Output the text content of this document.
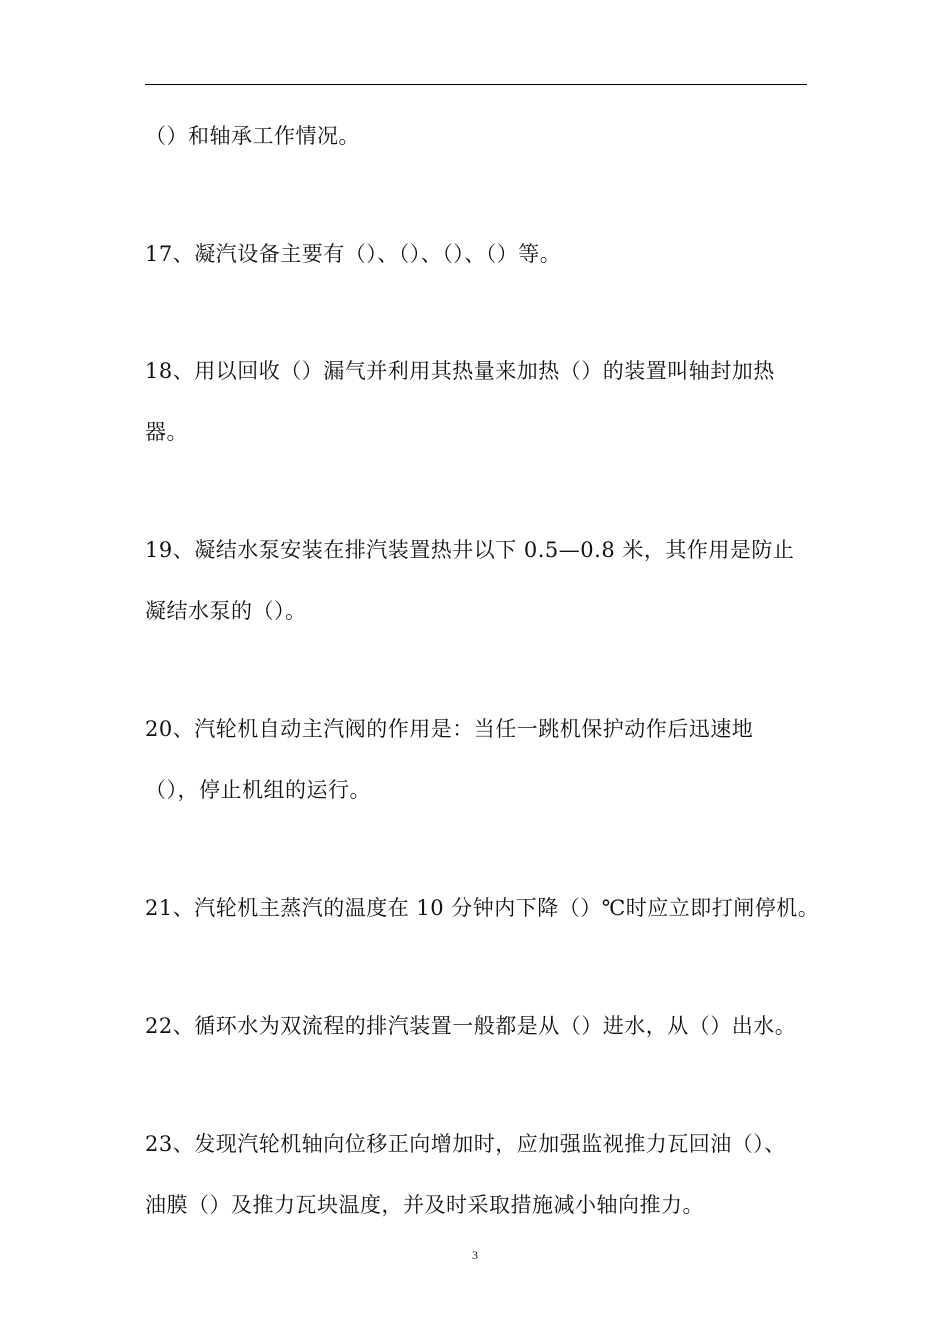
（）和轴承工作情况。
17、凝汽设备主要有（）、（）、（）、（）等。
18、用以回收（）漏气并利用其热量来加热（）的装置叫轴封加热
器。
19、凝结水泵安装在排汽装置热井以下 0.5—0.8 米，其作用是防止
凝结水泵的（）。
20、汽轮机自动主汽阀的作用是：当任一跳机保护动作后迅速地
（），停止机组的运行。
21、汽轮机主蒸汽的温度在 10 分钟内下降（）℃时应立即打闸停机。
22、循环水为双流程的排汽装置一般都是从（）进水，从（）出水。
23、发现汽轮机轴向位移正向增加时，应加强监视推力瓦回油（）、
油膜（）及推力瓦块温度，并及时采取措施减小轴向推力。
3
